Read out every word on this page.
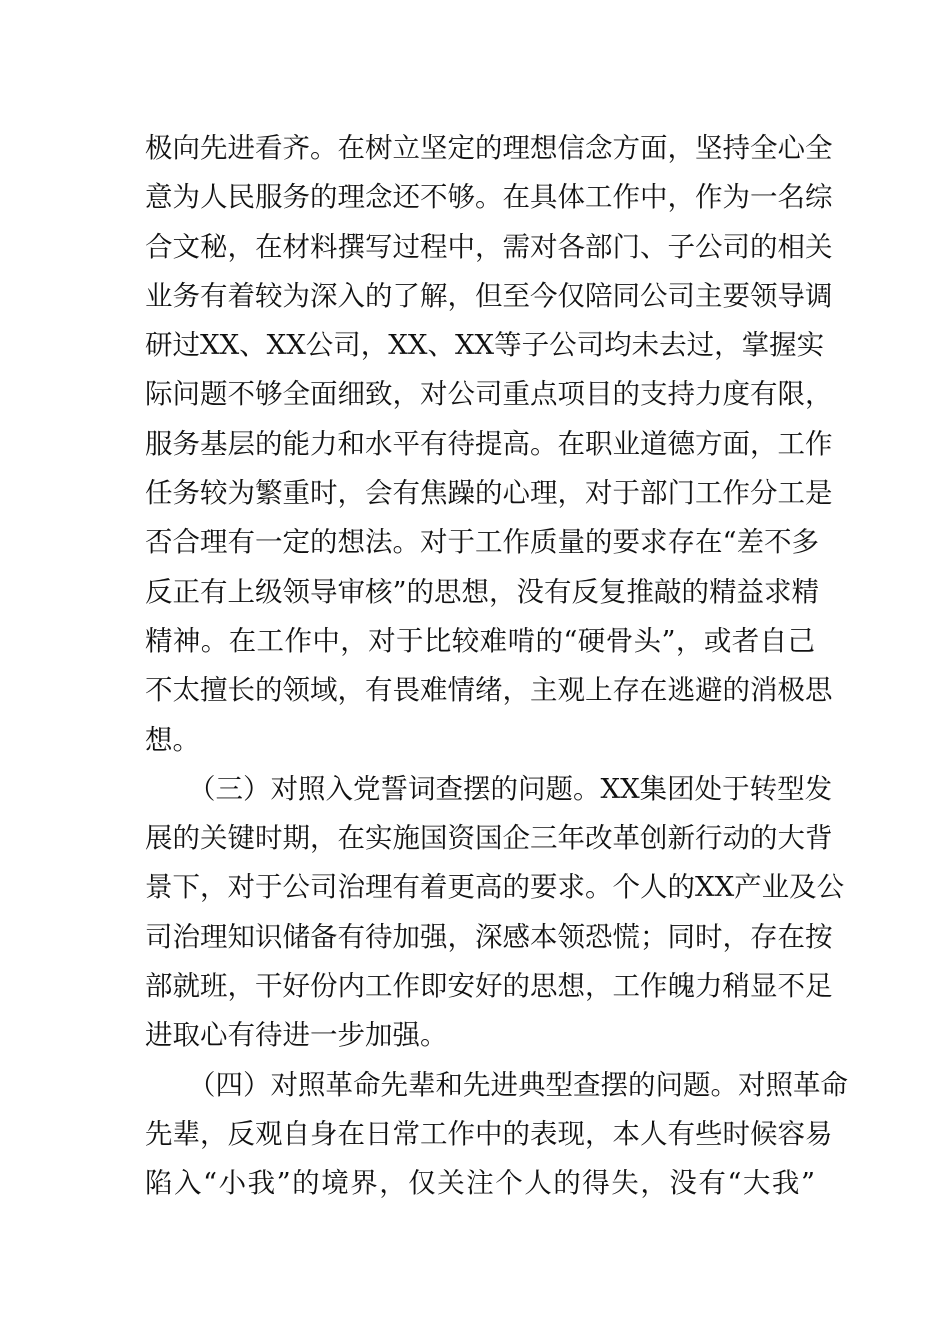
极向先进看齐。在树立坚定的理想信念方面，坚持全心全
意为人民服务的理念还不够。在具体工作中，作为一名综
合文秘，在材料撰写过程中，需对各部门、子公司的相关
业务有着较为深入的了解，但至今仅陪同公司主要领导调
研过XX、XX公司，XX、XX等子公司均未去过，掌握实
际问题不够全面细致，对公司重点项目的支持力度有限，
服务基层的能力和水平有待提高。在职业道德方面，工作
任务较为繁重时，会有焦躁的心理，对于部门工作分工是
否合理有一定的想法。对于工作质量的要求存在“差不多
反正有上级领导审核”的思想，没有反复推敲的精益求精
精神。在工作中，对于比较难啃的“硬骨头”，或者自己
不太擅长的领域，有畏难情绪，主观上存在逃避的消极思
想。
（三）对照入党誓词查摆的问题。XX集团处于转型发
展的关键时期，在实施国资国企三年改革创新行动的大背
景下，对于公司治理有着更高的要求。个人的XX产业及公
司治理知识储备有待加强，深感本领恐慌；同时，存在按
部就班，干好份内工作即安好的思想，工作魄力稍显不足
进取心有待进一步加强。
（四）对照革命先辈和先进典型查摆的问题。对照革命
先辈，反观自身在日常工作中的表现，本人有些时候容易
陷入“小我”的境界，仅关注个人的得失，没有“大我”
